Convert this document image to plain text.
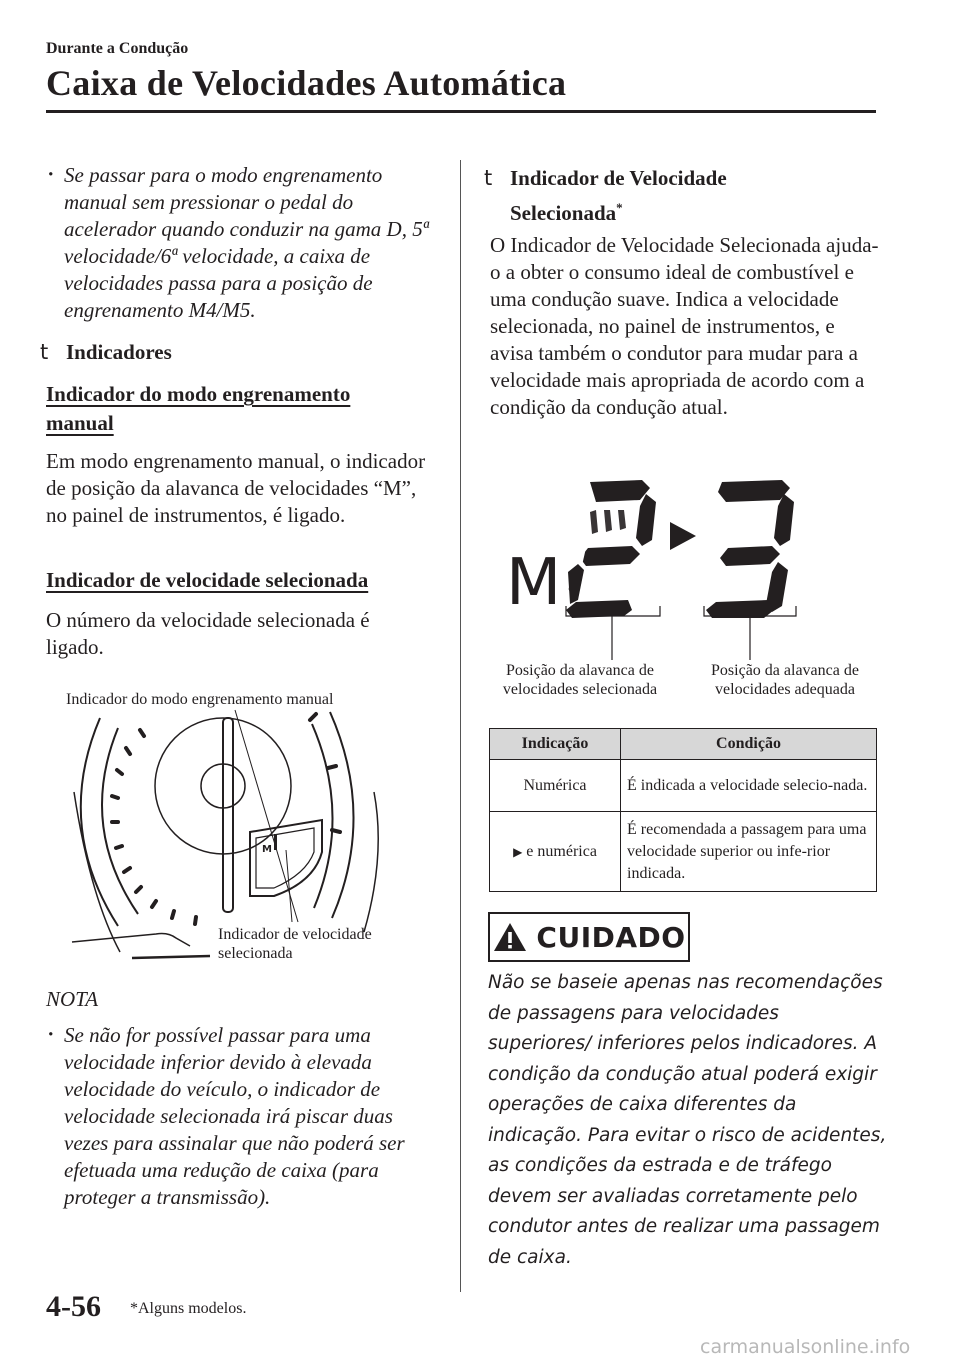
Durante a Condução
Caixa de Velocidades Automática
· Se passar para o modo engrenamento manual sem pressionar o pedal do acelerador quando conduzir na gama D, 5ª velocidade/6ª velocidade, a caixa de velocidades passa para a posição de engrenamento M4/M5.
t Indicadores
Indicador do modo engrenamento manual
Em modo engrenamento manual, o indicador de posição da alavanca de velocidades “M”, no painel de instrumentos, é ligado.
Indicador de velocidade selecionada
O número da velocidade selecionada é ligado.
Indicador do modo engrenamento manual
M
Indicador de velocidade selecionada
NOTA
· Se não for possível passar para uma velocidade inferior devido à elevada velocidade do veículo, o indicador de velocidade selecionada irá piscar duas vezes para assinalar que não poderá ser efetuada uma redução de caixa (para proteger a transmissão).
t Indicador de Velocidade Selecionada*
O Indicador de Velocidade Selecionada ajuda-o a obter o consumo ideal de combustível e uma condução suave. Indica a velocidade selecionada, no painel de instrumentos, e avisa também o condutor para mudar para a velocidade mais apropriada de acordo com a condição da condução atual.
M
Posição da alavanca de velocidades selecionada
Posição da alavanca de velocidades adequada
Indicação	Condição
Numérica	É indicada a velocidade selecio-nada.
▶ e numérica	É recomendada a passagem para uma velocidade superior ou infe-rior indicada.
CUIDADO
Não se baseie apenas nas recomendações de passagens para velocidades superiores/ inferiores pelos indicadores. A condição da condução atual poderá exigir operações de caixa diferentes da indicação. Para evitar o risco de acidentes, as condições da estrada e de tráfego devem ser avaliadas corretamente pelo condutor antes de realizar uma passagem de caixa.
4-56 *Alguns modelos.
carmanualsonline.info
